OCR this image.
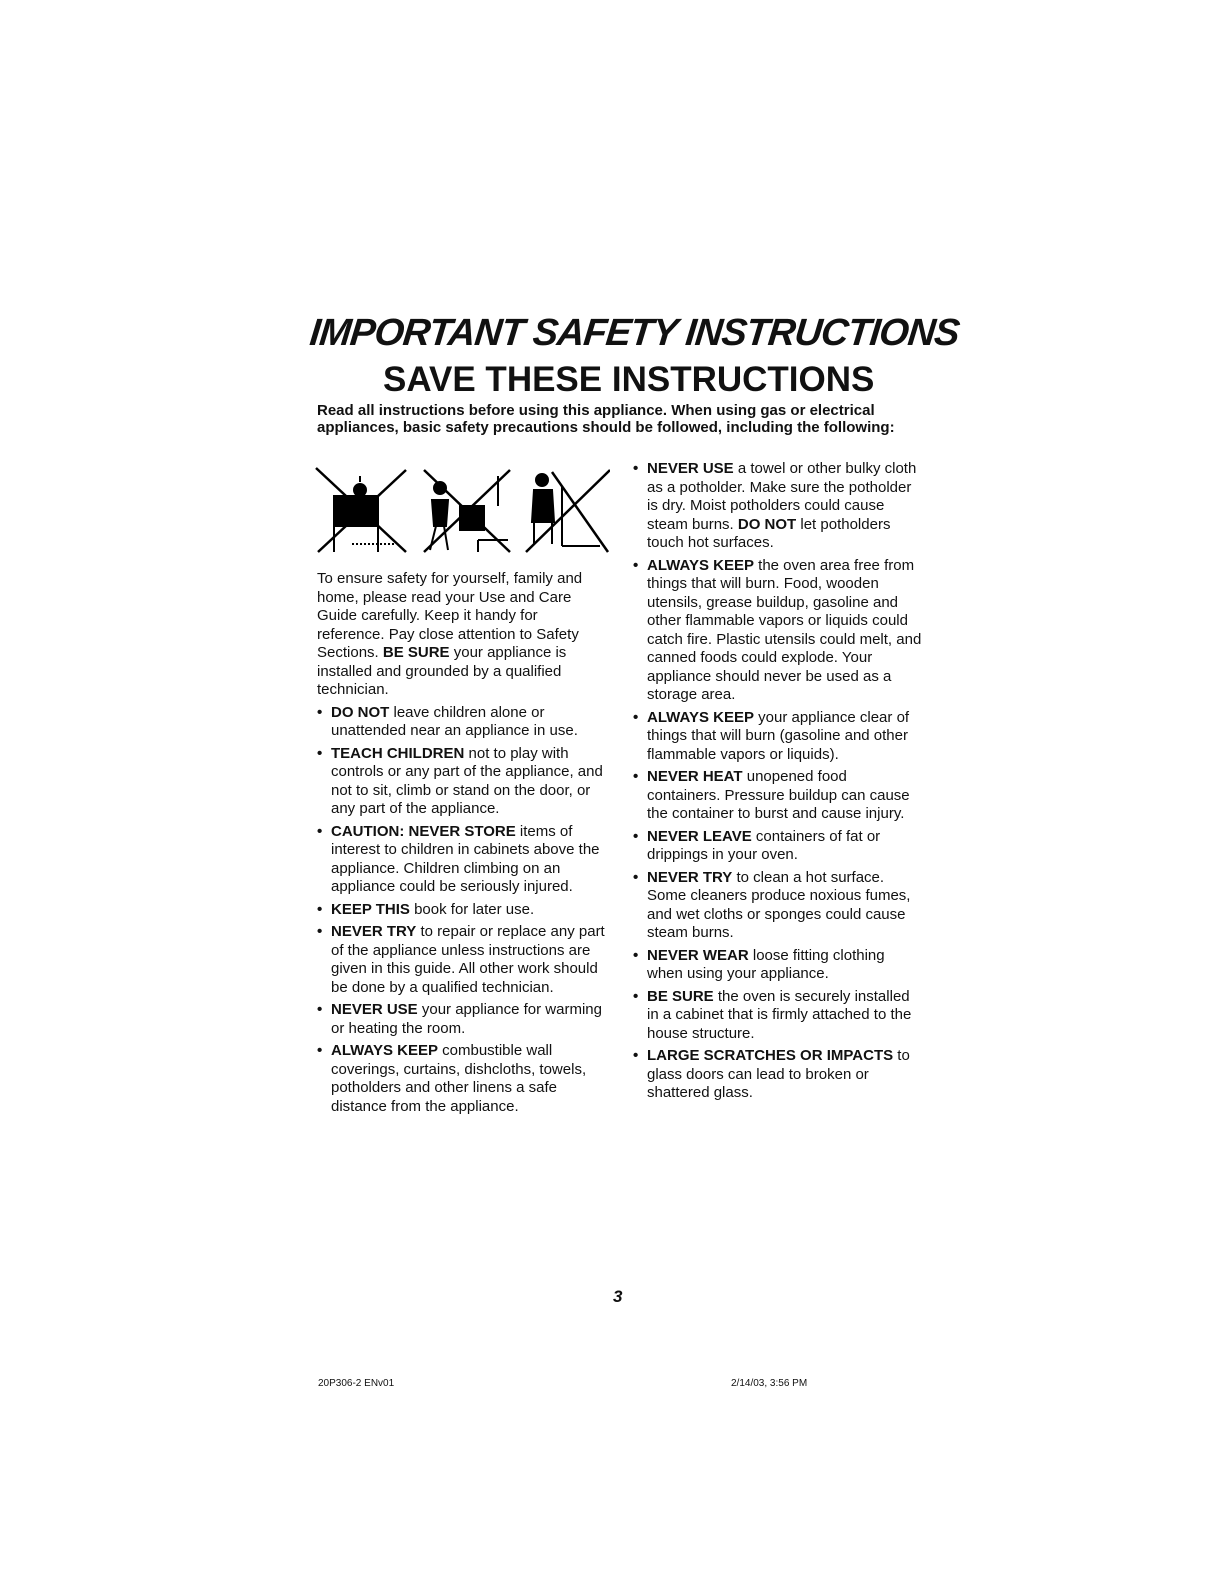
IMPORTANT SAFETY INSTRUCTIONS
SAVE THESE INSTRUCTIONS
Read all instructions before using this appliance. When using gas or electrical appliances, basic safety precautions should be followed, including the following:

To ensure safety for yourself, family and home, please read your Use and Care Guide carefully. Keep it handy for reference. Pay close attention to Safety Sections. BE SURE your appliance is installed and grounded by a qualified technician.

• DO NOT leave children alone or unattended near an appliance in use.
• TEACH CHILDREN not to play with controls or any part of the appliance, and not to sit, climb or stand on the door, or any part of the appliance.
• CAUTION: NEVER STORE items of interest to children in cabinets above the appliance. Children climbing on an appliance could be seriously injured.
• KEEP THIS book for later use.
• NEVER TRY to repair or replace any part of the appliance unless instructions are given in this guide. All other work should be done by a qualified technician.
• NEVER USE your appliance for warming or heating the room.
• ALWAYS KEEP combustible wall coverings, curtains, dishcloths, towels, potholders and other linens a safe distance from the appliance.
• NEVER USE a towel or other bulky cloth as a potholder. Make sure the potholder is dry. Moist potholders could cause steam burns. DO NOT let potholders touch hot surfaces.
• ALWAYS KEEP the oven area free from things that will burn. Food, wooden utensils, grease buildup, gasoline and other flammable vapors or liquids could catch fire. Plastic utensils could melt, and canned foods could explode. Your appliance should never be used as a storage area.
• ALWAYS KEEP your appliance clear of things that will burn (gasoline and other flammable vapors or liquids).
• NEVER HEAT unopened food containers. Pressure buildup can cause the container to burst and cause injury.
• NEVER LEAVE containers of fat or drippings in your oven.
• NEVER TRY to clean a hot surface. Some cleaners produce noxious fumes, and wet cloths or sponges could cause steam burns.
• NEVER WEAR loose fitting clothing when using your appliance.
• BE SURE the oven is securely installed in a cabinet that is firmly attached to the house structure.
• LARGE SCRATCHES OR IMPACTS to glass doors can lead to broken or shattered glass.
3
20P306-2 ENv01	2/14/03, 3:56 PM
